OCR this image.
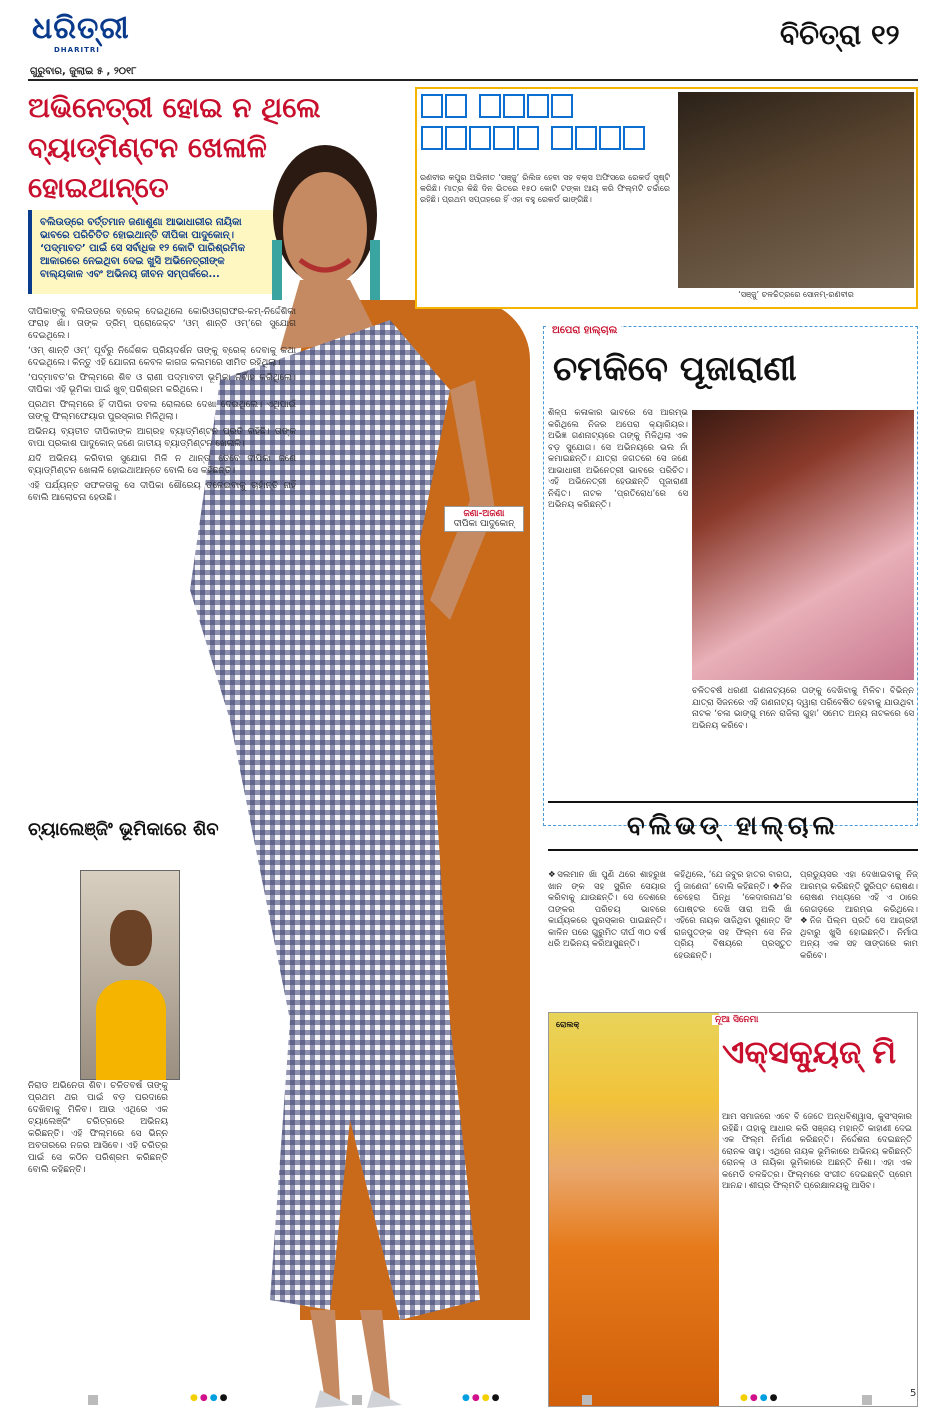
ଧରିତ୍ରୀ
DHARITRI
ଗୁରୁବାର, ଜୁଲାଇ ୫ , ୨୦୧୮
ବିଚିତ୍ରା ୧୨
ଅଭିନେତ୍ରୀ ହୋଇ ନ ଥିଲେ ବ୍ୟାଡ୍‌ମିଣ୍ଟନ ଖେଳାଳି ହୋଇଥାନ୍ତେ
ବଲିଉଡ୍‌ରେ ବର୍ତ୍ତମାନ ଜଣାଶୁଣା ଆଭାଧାରୀର ନାୟିକା ଭାବରେ ପରିଚିତିତ ହୋଇଥାନ୍ତି ଦୀପିକା ପାଦୁକୋନ୍‌। ‘ପଦ୍ମାବତ’ ପାଇଁ ସେ ସର୍ବାଧିକ ୧୨ କୋଟି ପାରିଶ୍ରମିକ ଆକାରରେ ନେଇଥିବା ଦେଇ ଖୁସି ଅଭିନେତ୍ରୀଙ୍କ ବାଲ୍ୟକାଳ ଏବଂ ଅଭିନୟ ଜୀବନ ସମ୍ପର୍କରେ...
ଜଣା-ଅଜଣା
ଦୀପିକା ପାଦୁକୋନ୍

ଦୀପିକାଙ୍କୁ ବଲିଉଡ୍‌ରେ ବ୍ରେକ୍ ଦେଇଥିଲେ କୋରିଓଗ୍ରାଫର-କମ୍-ନିର୍ଦ୍ଦେଶିକା ଫରାହ ଖାଁ। ତାଙ୍କ ଡ୍ରିମ୍ ପ୍ରୋଜେକ୍ଟ ‘ଓମ୍ ଶାନ୍ତି ଓମ୍’ରେ ସୁଯୋଗ ଦେଇଥିଲେ।

‘ଓମ୍ ଶାନ୍ତି ଓମ୍’ ପୂର୍ବରୁ ନିର୍ଦ୍ଦେଶକ ପ୍ରିୟଦର୍ଶନ ତାଙ୍କୁ ବ୍ରେକ୍ ଦେବାକୁ କଥା ଦେଇଥିଲେ। କିନ୍ତୁ ଏହି ଯୋଜନା କେବଳ କାଗଜ କଲମରେ ସୀମିତ ରହିଥିଲା।

‘ପଦ୍ମାବତ’ର ଫିଲ୍ମରେ ଶିବ ଓ ରାଣୀ ପଦ୍ମାବତୀ ଭୂମିକା ନିର୍ବାହ କରିଥିଲେ। ଦୀପିକା ଏହି ଭୂମିକା ପାଇଁ ଖୁବ୍ ପରିଶ୍ରମ କରିଥିଲେ।

ପ୍ରଥମ ଫିଲ୍ମରେ ହିଁ ଦୀପିକା ଡବଲ ରୋଲରେ ଦେଖା ଦେଇଥିଲେ। ଏଥିପାଇଁ ତାଙ୍କୁ ଫିଲ୍ମଫେୟାର ପୁରସ୍କାର ମିଳିଥିଲା।

ଅଭିନୟ ବ୍ୟତୀତ ଦୀପିକାଙ୍କ ଆଗ୍ରହ ବ୍ୟାଡ୍‌ମିଣ୍ଟନ ପ୍ରତି ରହିଛି। ତାଙ୍କ ବାପା ପ୍ରକାଶ ପାଦୁକୋନ୍ ଜଣେ ଜାତୀୟ ବ୍ୟାଡ୍‌ମିଣ୍ଟନ ଖେଳାଳି।

ଯଦି ଅଭିନୟ କରିବାର ସୁଯୋଗ ମିଳି ନ ଥାନ୍ତା ତେବେ ଦୀପିକା ଜଣେ ବ୍ୟାଡ୍‌ମିଣ୍ଟନ ଖେଳାଳି ହୋଇଥାଆନ୍ତେ ବୋଲି ସେ କହିଛନ୍ତି।

ଏହି ପର୍ଯ୍ୟନ୍ତ ସଫଳତାକୁ ସେ ଦୀପିକା ଶୌରେୟ ତଳେଇବାକୁ ଚାହାଁନ୍ତି ନାହିଁ ବୋଲି ଆଲୋଚନା ହେଉଛି।

ଚ୍ୟାଲେଞ୍ଜିଂ ଭୂମିକାରେ ଶିବ
ନିରାଡ ଅଭିନେତା ଶିବ। ଚଳିତବର୍ଷ ତାଙ୍କୁ ପ୍ରଥମ ଥର ପାଇଁ ବଡ଼ ପରଦାରେ ଦେଖିବାକୁ ମିଳିବ। ଆଉ ଏଥିରେ ଏକ ଚ୍ୟାଲେଞ୍ଜିଂ ଚରିତ୍ରରେ ଅଭିନୟ କରିଛନ୍ତି। ଏହି ଫିଲ୍ମରେ ସେ ଭିନ୍ନ ଅବତାରରେ ନଜର ଆସିବେ। ଏହି ଚରିତ୍ର ପାଇଁ ସେ କଠିନ ପରିଶ୍ରମ କରିଛନ୍ତି ବୋଲି କହିଛନ୍ତି।

ରଣବୀର କପୁର ଅଭିନୀତ ‘ସଞ୍ଜୁ’ ରିଲିଜ ହେବା ସହ ବକ୍ସ ଅଫିସରେ ରେକର୍ଡ ସୃଷ୍ଟି କରିଛି। ମାତ୍ର କିଛି ଦିନ ଭିତରେ ୧୫୦ କୋଟି ଟଙ୍କା ଆୟ କରି ଫିଲ୍ମଟି ଚର୍ଚ୍ଚାରେ ରହିଛି। ପ୍ରଥମ ସପ୍ତାହରେ ହିଁ ଏହା ବହୁ ରେକର୍ଡ ଭାଙ୍ଗିଛି।
‘ସଞ୍ଜୁ’ ଚଳଚ୍ଚିତ୍ରରେ ସୋନମ୍-ରଣବୀର
ଅପେରା ହାଲ୍‌ଚାଲ
ଚମକିବେ ପୂଜାରାଣୀ
ଶିଳ୍ପ କଳାକାର ଭାବରେ ସେ ଆରମ୍ଭ କରିଥିଲେ ନିଜର ଅପେରା କ୍ୟାରିୟର। ଅଭିଜ୍ଞ ଗଣନାଟ୍ୟରେ ତାଙ୍କୁ ମିଳିଥିଲା ଏକ ବଡ଼ ସୁଯୋଗ। ସେ ଅଭିନୟରେ ଭଲ ନାଁ କମାଇଛନ୍ତି। ଯାତ୍ରା ଜଗତରେ ସେ ଜଣେ ଆଭାଧାରୀ ଅଭିନେତ୍ରୀ ଭାବରେ ପରିଚିତ। ଏହି ଅଭିନେତ୍ରୀ ହେଉଛନ୍ତି ପୂଜାରାଣୀ ନିଶ୍ଚିତ। ନାଟକ ‘ପ୍ରତିରୋଧ’ରେ ସେ ଅଭିନୟ କରିଛନ୍ତି।
ଚଳିତବର୍ଷ ଧରଣୀ ଗଣନାଟ୍ୟରେ ତାଙ୍କୁ ଦେଖିବାକୁ ମିଳିବ। ବିଭିନ୍ନ ଯାତ୍ରା ସିଜନରେ ଏହି ଗଣନାଟ୍ୟ ଦ୍ୱାରା ପରିବେଷିତ ହେବାକୁ ଯାଉଥିବା ନାଟକ ‘ଚଳା ଭାଙ୍ଗୁ ମନେ ରାଜିଲା ଗୁହା’ ସମେତ ଅନ୍ୟ ନାଟକରେ ସେ ଅଭିନୟ କରିବେ।
ବଲିଭଡ୍ ହାଲ୍‌ଚାଲ
❖ସଲମାନ ଖାଁ ପୁଣି ଥରେ ଶାହରୁଖ ଖାନ ଙ୍କ ସହ ସ୍କ୍ରିନ ସେୟାର କରିବାକୁ ଯାଉଛନ୍ତି। ସେ ଦେଶରେ ତାଙ୍କର ପରିଚୟ ଭାବରେ କାର୍ଯ୍ୟକରେ ପୁରସ୍କାର ପାଇଛନ୍ତି। କାଳିନ ପରେ ଗୁରୁମିତ ଦୀର୍ଘ ୩୦ ବର୍ଷ ଧରି ଅଭିନୟ କରିଆସୁଛନ୍ତି।
କହିଥିଲେ, ‘ଯେ ଜବୁର ହାତର ବାରତା, ମୁଁ ଜାଣେନା’ ବୋଲି କହିଛନ୍ତି। ❖ନିଜ ଚେହେରା ପିନ୍ଧି ‘କେଦାରନାଥ’ର ପୋଷ୍ଟର ଦେଖି ସାରା ଅଲି ଖାଁ ଏହିରେ ନାୟକ ସାଜିଥିବା ସୁଶାନ୍ତ ସିଂ ରାଜପୁତଙ୍କ ସହ ଫିଲ୍ମ ସେ ନିଜ ପ୍ରିୟ ବିଷୟରେ ପ୍ରସ୍ତୁତ ହେଉଛନ୍ତି।
ପ୍ରଡ୍ୟୁସର ଏହା ଦେଖାଇବାକୁ ନିଜ୍ ଆରମ୍ଭ କରିଛନ୍ତି ସ୍କ୍ରିପ୍ଟ ରୋଷଣ। ରୋଷଣ ମଧ୍ୟରେ ଏହି ଏ ଠାରେ ରେଗଡ଼ରେ ଆରମ୍ଭ କରିଥିଲେ। ❖ନିଜ ପିଲ୍ମ ପ୍ରତି ସେ ଆଗ୍ରହୀ ଥିବାରୁ ଖୁସି ହୋଇଛନ୍ତି। ନିର୍ମାତା ଅନ୍ୟ ଏକ ସହ ସାଙ୍ଗରେ କାମ କରିବେ।
ରୋଲକ୍	ନୂଆ ସିନେମା
ଏକ୍ସକ୍ୟୁଜ୍ ମି
ଆମ ସମାଜରେ ଏବେ ବି ଜେତେ ଅନ୍ଧବିଶ୍ୱାସ, କୁସଂସ୍କାର ରହିଛି। ତାହାକୁ ଆଧାର କରି ସଞ୍ଜୟ ମହାନ୍ତି କାହାଣୀ ଦେଇ ଏକ ଫିଲ୍ମ ନିର୍ମାଣ କରିଛନ୍ତି। ନିର୍ଦ୍ଦେଶନା ଦେଇଛନ୍ତି ରୋନକ ସାହୁ। ଏଥିରେ ନାୟକ ଭୂମିକାରେ ଅଭିନୟ କରିଛନ୍ତି ରୋନକ୍ ଓ ନାୟିକା ଭୂମିକାରେ ଅଛନ୍ତି ନିଶା। ଏହା ଏକ କମେଡି ଚଳଚ୍ଚିତ୍ର। ଫିଲ୍ମରେ ସଂଗୀତ ଦେଇଛନ୍ତି ପ୍ରେମ ଆନନ୍ଦ। ଶୀଘ୍ର ଫିଲ୍ମଟି ପ୍ରେକ୍ଷାଳୟକୁ ଆସିବ।
●●●●	●●●●	●●●●	5
